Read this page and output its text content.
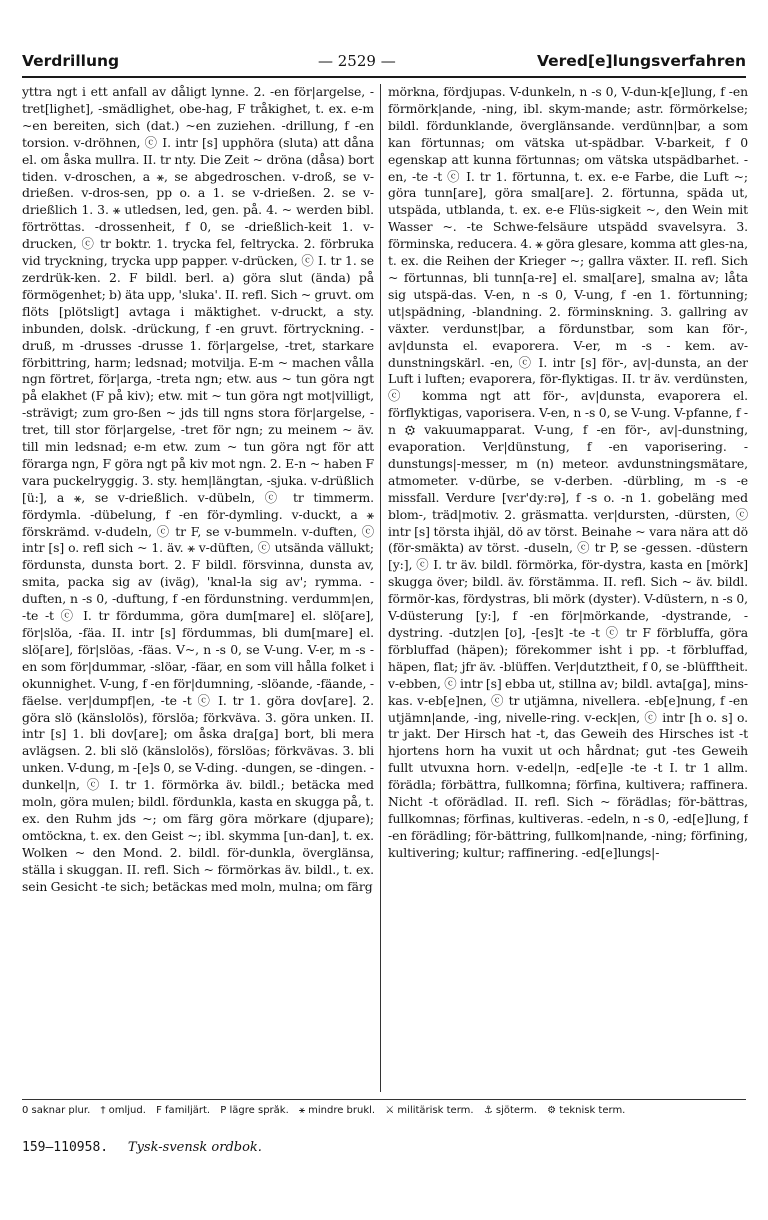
Verdrillung	— 2529 —	Vered[e]lungsverfahren

yttra ngt i ett anfall av dåligt lynne. 2. -en för|argelse, -tret[lighet], -smädlighet, obe-hag, F tråkighet, t. ex. e-m ~en bereiten, sich (dat.) ~en zuziehen. -drillung, f -en torsion. v-dröhnen, ⓒ I. intr [s] upphöra (sluta) att dåna el. om åska mullra. II. tr nty. Die Zeit ~ dröna (dåsa) bort tiden. v-droschen, a ⚹, se abgedroschen. v-droß, se v-drießen. v-dros-sen, pp o. a 1. se v-drießen. 2. se v-drießlich 1. 3. ⚹ utledsen, led, gen. på. 4. ~ werden bibl. förtröttas. -drossenheit, f 0, se -drießlich-keit 1. v-drucken, ⓒ tr boktr. 1. trycka fel, feltrycka. 2. förbruka vid tryckning, trycka upp papper. v-drücken, ⓒ I. tr 1. se zerdrük-ken. 2. F bildl. berl. a) göra slut (ända) på förmögenhet; b) äta upp, 'sluka'. II. refl. Sich ~ gruvt. om flöts [plötsligt] avtaga i mäktighet. v-druckt, a sty. inbunden, dolsk. -drückung, f -en gruvt. förtryckning. -druß, m -drusses -drusse 1. för|argelse, -tret, starkare förbittring, harm; ledsnad; motvilja. E-m ~ machen vålla ngn förtret, för|arga, -treta ngn; etw. aus ~ tun göra ngt på elakhet (F på kiv); etw. mit ~ tun göra ngt mot|villigt, -strävigt; zum gro-ßen ~ jds till ngns stora för|argelse, -tret, till stor för|argelse, -tret för ngn; zu meinem ~ äv. till min ledsnad; e-m etw. zum ~ tun göra ngt för att förarga ngn, F göra ngt på kiv mot ngn. 2. E-n ~ haben F vara puckelryggig. 3. sty. hem|längtan, -sjuka. v-drüßlich [ü:], a ⚹, se v-drießlich. v-dübeln, ⓒ tr timmerm. fördymla. -dübelung, f -en för-dymling. v-duckt, a ⚹ förskrämd. v-dudeln, ⓒ tr F, se v-bummeln. v-duften, ⓒ intr [s] o. refl sich ~ 1. äv. ⚹ v-düften, ⓒ utsända vällukt; fördunsta, dunsta bort. 2. F bildl. försvinna, dunsta av, smita, packa sig av (iväg), 'knal-la sig av'; rymma. -duften, n -s 0, -duftung, f -en fördunstning. verdumm|en, -te -t ⓒ I. tr fördumma, göra dum[mare] el. slö[are], för|slöa, -fäa. II. intr [s] fördummas, bli dum[mare] el. slö[are], för|slöas, -fäas. V~, n -s 0, se V-ung. V-er, m -s - en som för|dummar, -slöar, -fäar, en som vill hålla folket i okunnighet. V-ung, f -en för|dumning, -slöande, -fäande, -fäelse. ver|dumpf|en, -te -t ⓒ I. tr 1. göra dov[are]. 2. göra slö (känslolös), förslöa; förkväva. 3. göra unken. II. intr [s] 1. bli dov[are]; om åska dra[ga] bort, bli mera avlägsen. 2. bli slö (känslolös), förslöas; förkvävas. 3. bli unken. V-dung, m -[e]s 0, se V-ding. -dungen, se -dingen. -dunkel|n, ⓒ I. tr 1. förmörka äv. bildl.; betäcka med moln, göra mulen; bildl. fördunkla, kasta en skugga på, t. ex. den Ruhm jds ~; om färg göra mörkare (djupare); omtöckna, t. ex. den Geist ~; ibl. skymma [un-dan], t. ex. Wolken ~ den Mond. 2. bildl. för-dunkla, överglänsa, ställa i skuggan. II. refl. Sich ~ förmörkas äv. bildl., t. ex. sein Gesicht -te sich; betäckas med moln, mulna; om färg

mörkna, fördjupas. V-dunkeln, n -s 0, V-dun-k[e]lung, f -en förmörk|ande, -ning, ibl. skym-mande; astr. förmörkelse; bildl. fördunklande, överglänsande. verdünn|bar, a som kan förtunnas; om vätska ut-spädbar. V-barkeit, f 0 egenskap att kunna förtunnas; om vätska utspädbarhet. -en, -te -t ⓒ I. tr 1. förtunna, t. ex. e-e Farbe, die Luft ~; göra tunn[are], göra smal[are]. 2. förtunna, späda ut, utspäda, utblanda, t. ex. e-e Flüs-sigkeit ~, den Wein mit Wasser ~. -te Schwe-felsäure utspädd svavelsyra. 3. förminska, reducera. 4. ⚹ göra glesare, komma att gles-na, t. ex. die Reihen der Krieger ~; gallra växter. II. refl. Sich ~ förtunnas, bli tunn[a-re] el. smal[are], smalna av; låta sig utspä-das. V-en, n -s 0, V-ung, f -en 1. förtunning; ut|spädning, -blandning. 2. förminskning. 3. gallring av växter. verdunst|bar, a fördunstbar, som kan för-, av|dunsta el. evaporera. V-er, m -s - kem. av-dunstningskärl. -en, ⓒ I. intr [s] för-, av|-dunsta, an der Luft i luften; evaporera, för-flyktigas. II. tr äv. verdünsten, ⓒ komma ngt att för-, av|dunsta, evaporera el. förflyktigas, vaporisera. V-en, n -s 0, se V-ung. V-pfanne, f -n ⚙ vakuumapparat. V-ung, f -en för-, av|-dunstning, evaporation. Ver|dünstung, f -en vaporisering. -dunstungs|-messer, m (n) meteor. avdunstningsmätare, atmometer. v-dürbe, se v-derben. -dürbling, m -s -e missfall. Verdure [vɛr'dy:rə], f -s o. -n 1. gobeläng med blom-, träd|motiv. 2. gräsmatta. ver|dursten, -dürsten, ⓒ intr [s] törsta ihjäl, dö av törst. Beinahe ~ vara nära att dö (för-smäkta) av törst. -duseln, ⓒ tr P, se -gessen. -düstern [y:], ⓒ I. tr äv. bildl. förmörka, för-dystra, kasta en [mörk] skugga över; bildl. äv. förstämma. II. refl. Sich ~ äv. bildl. förmör-kas, fördystras, bli mörk (dyster). V-düstern, n -s 0, V-düsterung [y:], f -en för|mörkande, -dystrande, -dystring. -dutz|en [ʊ], -[es]t -te -t ⓒ tr F förbluffa, göra förbluffad (häpen); förekommer isht i pp. -t förbluffad, häpen, flat; jfr äv. -blüffen. Ver|dutztheit, f 0, se -blüfftheit. v-ebben, ⓒ intr [s] ebba ut, stillna av; bildl. avta[ga], mins-kas. v-eb[e]nen, ⓒ tr utjämna, nivellera. -eb[e]nung, f -en utjämn|ande, -ing, nivelle-ring. v-eck|en, ⓒ intr [h o. s] o. tr jakt. Der Hirsch hat -t, das Geweih des Hirsches ist -t hjortens horn ha vuxit ut och hårdnat; gut -tes Geweih fullt utvuxna horn. v-edel|n, -ed[e]le -te -t I. tr 1 allm. förädla; förbättra, fullkomna; förfina, kultivera; raffinera. Nicht -t oförädlad. II. refl. Sich ~ förädlas; för-bättras, fullkomnas; förfinas, kultiveras. -edeln, n -s 0, -ed[e]lung, f -en förädling; för-bättring, fullkom|nande, -ning; förfining, kultivering; kultur; raffinering. -ed[e]lungs|-

0 saknar plur. † omljud. F familjärt. P lägre språk. ⚹ mindre brukl. ⚔ militärisk term. ⚓ sjöterm. ⚙ teknisk term.
159—110958. Tysk-svensk ordbok.
